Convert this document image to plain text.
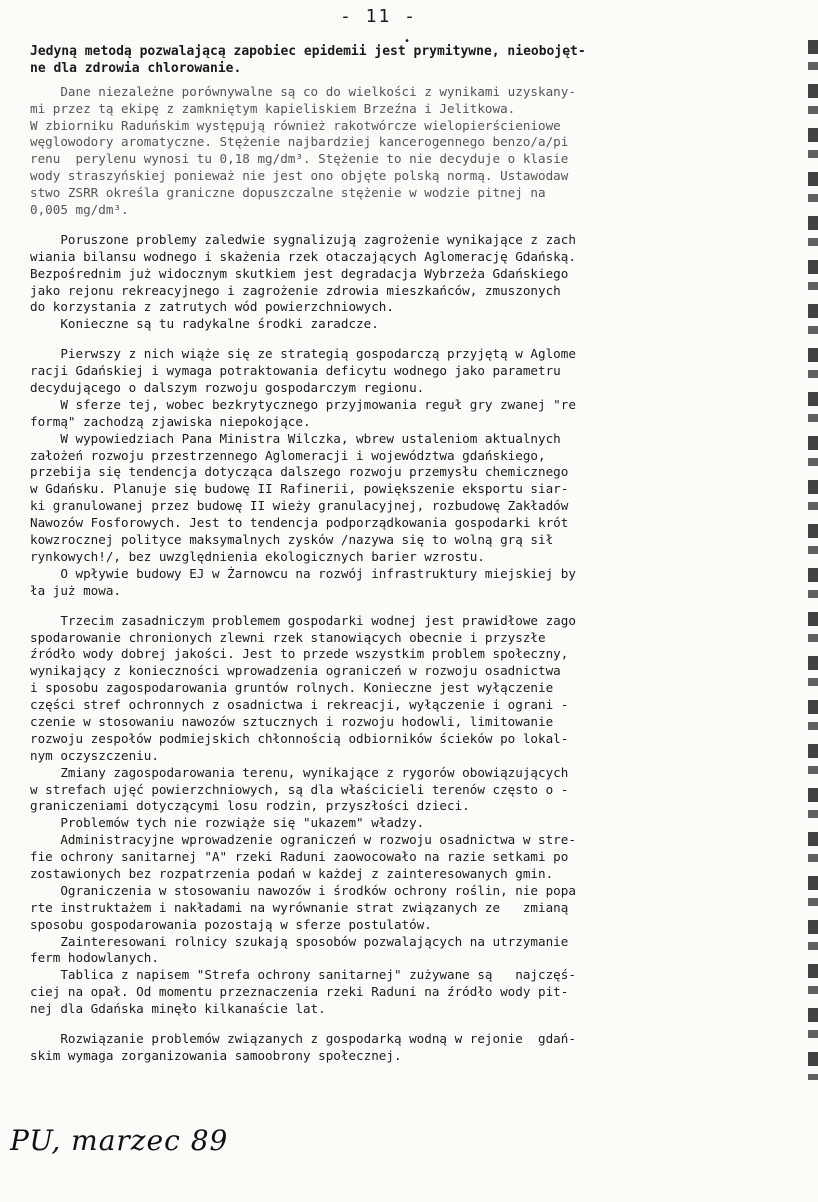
- 11 -
•
Jedyną metodą pozwalającą zapobiec epidemii jest prymitywne, nieobojęt-
ne dla zdrowia chlorowanie.
Dane niezależne porównywalne są co do wielkości z wynikami uzyskany-
mi przez tą ekipę z zamkniętym kapieliskiem Brzeźna i Jelitkowa.
W zbiorniku Raduńskim występują również rakotwórcze wielopierścieniowe
węglowodory aromatyczne. Stężenie najbardziej kancerogennego benzo/a/pi
renu  perylenu wynosi tu 0,18 mg/dm³. Stężenie to nie decyduje o klasie
wody straszyńskiej ponieważ nie jest ono objęte polską normą. Ustawodaw
stwo ZSRR określa graniczne dopuszczalne stężenie w wodzie pitnej na
0,005 mg/dm³.
Poruszone problemy zaledwie sygnalizują zagrożenie wynikające z zach
wiania bilansu wodnego i skażenia rzek otaczających Aglomerację Gdańską.
Bezpośrednim już widocznym skutkiem jest degradacja Wybrzeża Gdańskiego
jako rejonu rekreacyjnego i zagrożenie zdrowia mieszkańców, zmuszonych
do korzystania z zatrutych wód powierzchniowych.
Konieczne są tu radykalne środki zaradcze.
Pierwszy z nich wiąże się ze strategią gospodarczą przyjętą w Aglome
racji Gdańskiej i wymaga potraktowania deficytu wodnego jako parametru
decydującego o dalszym rozwoju gospodarczym regionu.
W sferze tej, wobec bezkrytycznego przyjmowania reguł gry zwanej "re
formą" zachodzą zjawiska niepokojące.
W wypowiedziach Pana Ministra Wilczka, wbrew ustaleniom aktualnych
założeń rozwoju przestrzennego Aglomeracji i województwa gdańskiego,
przebija się tendencja dotycząca dalszego rozwoju przemysłu chemicznego
w Gdańsku. Planuje się budowę II Rafinerii, powiększenie eksportu siar-
ki granulowanej przez budowę II wieży granulacyjnej, rozbudowę Zakładów
Nawozów Fosforowych. Jest to tendencja podporządkowania gospodarki krót
kowzrocznej polityce maksymalnych zysków /nazywa się to wolną grą sił
rynkowych!/, bez uwzględnienia ekologicznych barier wzrostu.
O wpływie budowy EJ w Żarnowcu na rozwój infrastruktury miejskiej by
ła już mowa.
Trzecim zasadniczym problemem gospodarki wodnej jest prawidłowe zago
spodarowanie chronionych zlewni rzek stanowiących obecnie i przyszłe
źródło wody dobrej jakości. Jest to przede wszystkim problem społeczny,
wynikający z konieczności wprowadzenia ograniczeń w rozwoju osadnictwa
i sposobu zagospodarowania gruntów rolnych. Konieczne jest wyłączenie
części stref ochronnych z osadnictwa i rekreacji, wyłączenie i ograni -
czenie w stosowaniu nawozów sztucznych i rozwoju hodowli, limitowanie
rozwoju zespołów podmiejskich chłonnością odbiorników ścieków po lokal-
nym oczyszczeniu.
Zmiany zagospodarowania terenu, wynikające z rygorów obowiązujących
w strefach ujęć powierzchniowych, są dla właścicieli terenów często o -
graniczeniami dotyczącymi losu rodzin, przyszłości dzieci.
Problemów tych nie rozwiąże się "ukazem" władzy.
Administracyjne wprowadzenie ograniczeń w rozwoju osadnictwa w stre-
fie ochrony sanitarnej "A" rzeki Raduni zaowocowało na razie setkami po
zostawionych bez rozpatrzenia podań w każdej z zainteresowanych gmin.
Ograniczenia w stosowaniu nawozów i środków ochrony roślin, nie popa
rte instruktażem i nakładami na wyrównanie strat związanych ze   zmianą
sposobu gospodarowania pozostają w sferze postulatów.
Zainteresowani rolnicy szukają sposobów pozwalających na utrzymanie
ferm hodowlanych.
Tablica z napisem "Strefa ochrony sanitarnej" zużywane są   najczęś-
ciej na opał. Od momentu przeznaczenia rzeki Raduni na źródło wody pit-
nej dla Gdańska minęło kilkanaście lat.
Rozwiązanie problemów związanych z gospodarką wodną w rejonie  gdań-
skim wymaga zorganizowania samoobrony społecznej.
PU, marzec 89
